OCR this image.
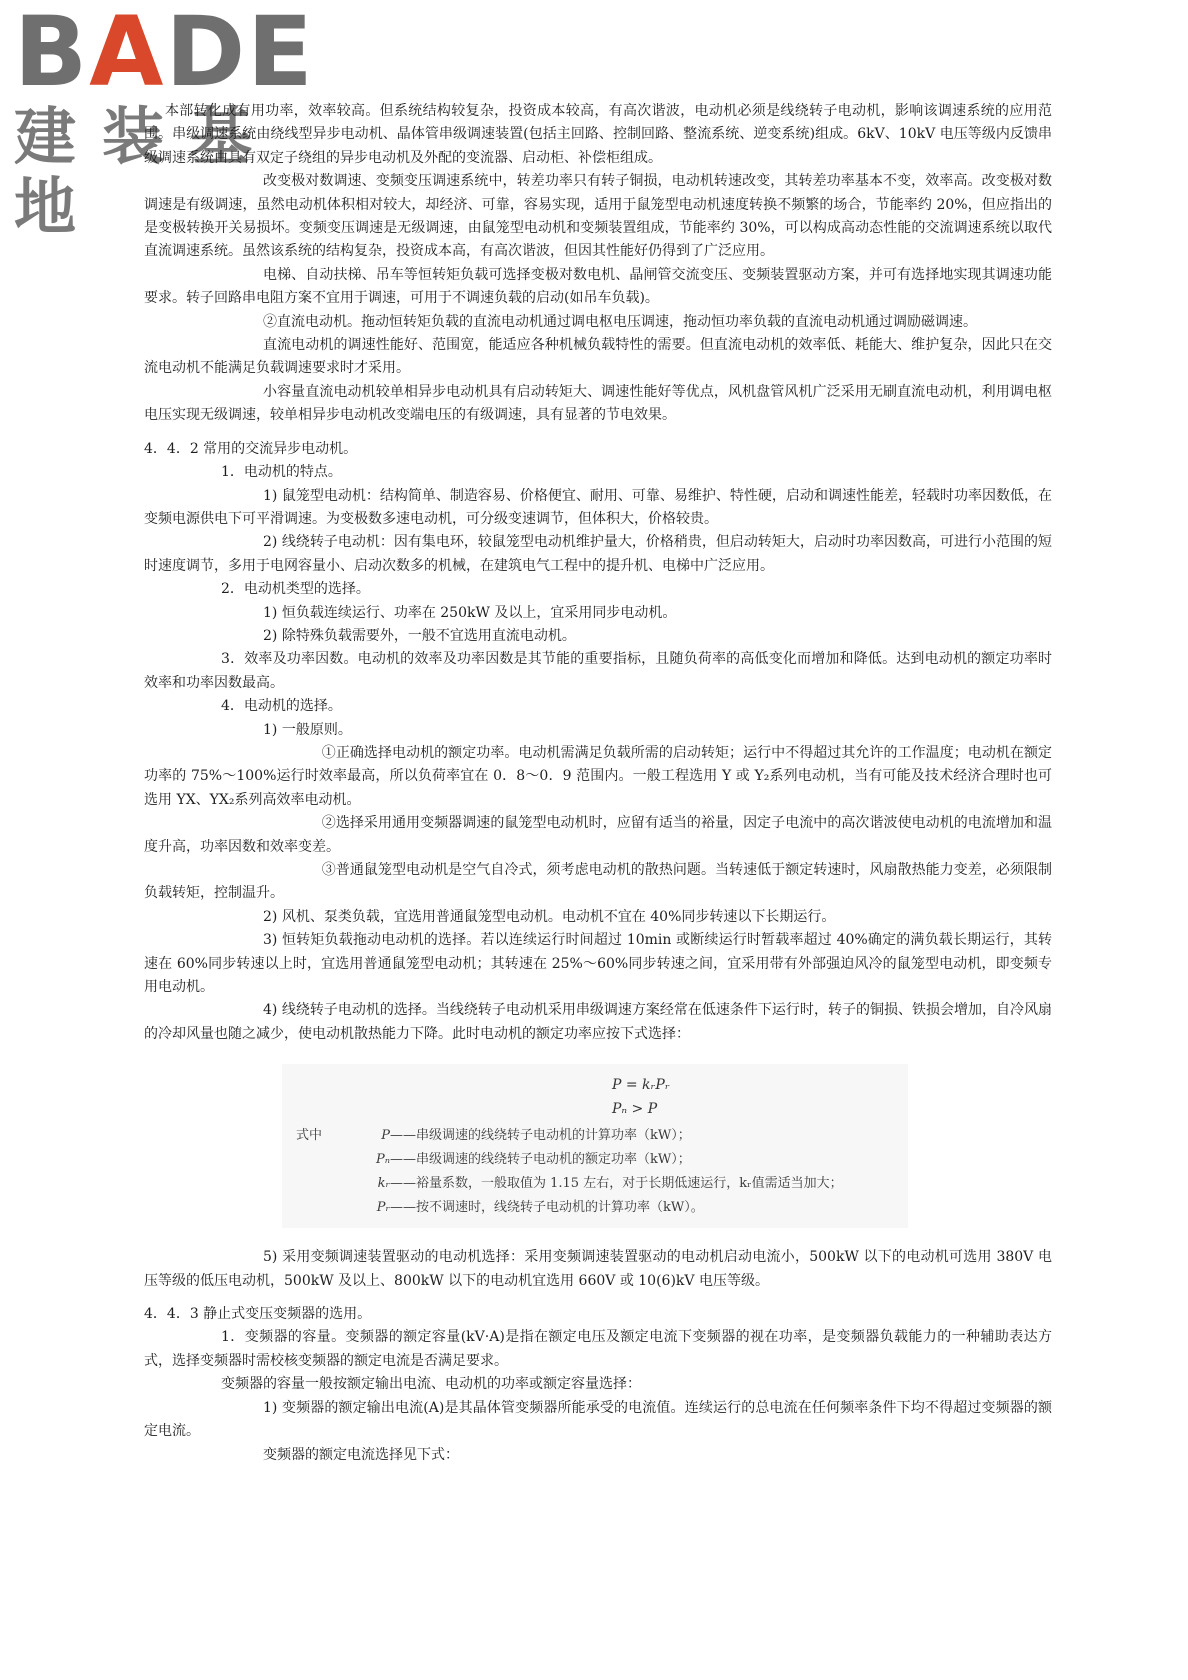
B A D E
建装基地

本部转化成有用功率，效率较高。但系统结构较复杂，投资成本较高，有高次谐波，电动机必须是线绕转子电动机，影响该调速系统的应用范围。串级调速系统由绕线型异步电动机、晶体管串级调速装置(包括主回路、控制回路、整流系统、逆变系统)组成。6kV、10kV 电压等级内反馈串级调速系统由具有双定子绕组的异步电动机及外配的变流器、启动柜、补偿柜组成。

改变极对数调速、变频变压调速系统中，转差功率只有转子铜损，电动机转速改变，其转差功率基本不变，效率高。改变极对数调速是有级调速，虽然电动机体积相对较大，却经济、可靠，容易实现，适用于鼠笼型电动机速度转换不频繁的场合，节能率约 20%，但应指出的是变极转换开关易损坏。变频变压调速是无级调速，由鼠笼型电动机和变频装置组成，节能率约 30%，可以构成高动态性能的交流调速系统以取代直流调速系统。虽然该系统的结构复杂，投资成本高，有高次谐波，但因其性能好仍得到了广泛应用。

电梯、自动扶梯、吊车等恒转矩负载可选择变极对数电机、晶闸管交流变压、变频装置驱动方案，并可有选择地实现其调速功能要求。转子回路串电阻方案不宜用于调速，可用于不调速负载的启动(如吊车负载)。

②直流电动机。拖动恒转矩负载的直流电动机通过调电枢电压调速，拖动恒功率负载的直流电动机通过调励磁调速。

直流电动机的调速性能好、范围宽，能适应各种机械负载特性的需要。但直流电动机的效率低、耗能大、维护复杂，因此只在交流电动机不能满足负载调速要求时才采用。

小容量直流电动机较单相异步电动机具有启动转矩大、调速性能好等优点，风机盘管风机广泛采用无刷直流电动机，利用调电枢电压实现无级调速，较单相异步电动机改变端电压的有级调速，具有显著的节电效果。

4．4．2 常用的交流异步电动机。

1．电动机的特点。

1) 鼠笼型电动机：结构简单、制造容易、价格便宜、耐用、可靠、易维护、特性硬，启动和调速性能差，轻载时功率因数低，在变频电源供电下可平滑调速。为变极数多速电动机，可分级变速调节，但体积大，价格较贵。

2) 线绕转子电动机：因有集电环，较鼠笼型电动机维护量大，价格稍贵，但启动转矩大，启动时功率因数高，可进行小范围的短时速度调节，多用于电网容量小、启动次数多的机械，在建筑电气工程中的提升机、电梯中广泛应用。

2．电动机类型的选择。

1) 恒负载连续运行、功率在 250kW 及以上，宜采用同步电动机。

2) 除特殊负载需要外，一般不宜选用直流电动机。

3．效率及功率因数。电动机的效率及功率因数是其节能的重要指标，且随负荷率的高低变化而增加和降低。达到电动机的额定功率时效率和功率因数最高。

4．电动机的选择。

1) 一般原则。

①正确选择电动机的额定功率。电动机需满足负载所需的启动转矩；运行中不得超过其允许的工作温度；电动机在额定功率的 75%～100%运行时效率最高，所以负荷率宜在 0．8～0．9 范围内。一般工程选用 Y 或 Y₂系列电动机，当有可能及技术经济合理时也可选用 YX、YX₂系列高效率电动机。

②选择采用通用变频器调速的鼠笼型电动机时，应留有适当的裕量，因定子电流中的高次谐波使电动机的电流增加和温度升高，功率因数和效率变差。

③普通鼠笼型电动机是空气自冷式，须考虑电动机的散热问题。当转速低于额定转速时，风扇散热能力变差，必须限制负载转矩，控制温升。

2) 风机、泵类负载，宜选用普通鼠笼型电动机。电动机不宜在 40%同步转速以下长期运行。

3) 恒转矩负载拖动电动机的选择。若以连续运行时间超过 10min 或断续运行时暂载率超过 40%确定的满负载长期运行，其转速在 60%同步转速以上时，宜选用普通鼠笼型电动机；其转速在 25%～60%同步转速之间，宜采用带有外部强迫风冷的鼠笼型电动机，即变频专用电动机。

4) 线绕转子电动机的选择。当线绕转子电动机采用串级调速方案经常在低速条件下运行时，转子的铜损、铁损会增加，自冷风扇的冷却风量也随之减少，使电动机散热能力下降。此时电动机的额定功率应按下式选择：

P = kᵣPᵣ
Pₙ > P
式中	P——串级调速的线绕转子电动机的计算功率（kW）；
Pₙ——串级调速的线绕转子电动机的额定功率（kW）；
kᵣ——裕量系数，一般取值为 1.15 左右，对于长期低速运行，kᵣ值需适当加大；
Pᵣ——按不调速时，线绕转子电动机的计算功率（kW）。

5) 采用变频调速装置驱动的电动机选择：采用变频调速装置驱动的电动机启动电流小，500kW 以下的电动机可选用 380V 电压等级的低压电动机，500kW 及以上、800kW 以下的电动机宜选用 660V 或 10(6)kV 电压等级。

4．4．3 静止式变压变频器的选用。

1．变频器的容量。变频器的额定容量(kV·A)是指在额定电压及额定电流下变频器的视在功率，是变频器负载能力的一种辅助表达方式，选择变频器时需校核变频器的额定电流是否满足要求。

变频器的容量一般按额定输出电流、电动机的功率或额定容量选择：

1) 变频器的额定输出电流(A)是其晶体管变频器所能承受的电流值。连续运行的总电流在任何频率条件下均不得超过变频器的额定电流。

变频器的额定电流选择见下式：
